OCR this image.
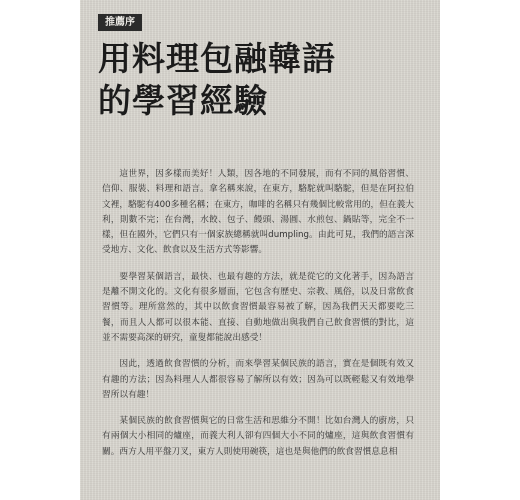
推薦序
用料理包融韓語
的學習經驗

這世界，因多樣而美好！人類，因各地的不同發展，而有不同的風俗習慣、信仰、服裝、料理和語言。拿名稱來說，在東方，駱駝就叫駱駝，但是在阿拉伯文裡，駱駝有400多種名稱；在東方，咖啡的名稱只有幾個比較常用的，但在義大利，則數不完；在台灣，水餃、包子、饅頭、湯圓、水煎包、鍋貼等，完全不一樣，但在國外，它們只有一個家族總稱就叫dumpling。由此可見，我們的語言深受地方、文化、飲食以及生活方式等影響。

要學習某個語言，最快、也最有趣的方法，就是從它的文化著手，因為語言是離不開文化的。文化有很多層面，它包含有歷史、宗教、風俗，以及日常飲食習慣等。理所當然的，其中以飲食習慣最容易被了解，因為我們天天都要吃三餐，而且人人都可以很本能、直接、自動地做出與我們自己飲食習慣的對比，這並不需要高深的研究，童叟都能說出感受！

因此，透過飲食習慣的分析，而來學習某個民族的語言，實在是個既有效又有趣的方法；因為料理人人都很容易了解所以有效；因為可以既輕鬆又有效地學習所以有趣！

某個民族的飲食習慣與它的日常生活和思維分不開！比如台灣人的廚房，只有兩個大小相同的爐座，而義大利人卻有四個大小不同的爐座，這與飲食習慣有關。西方人用平盤刀叉，東方人則使用碗筷，這也是與他們的飲食習慣息息相
